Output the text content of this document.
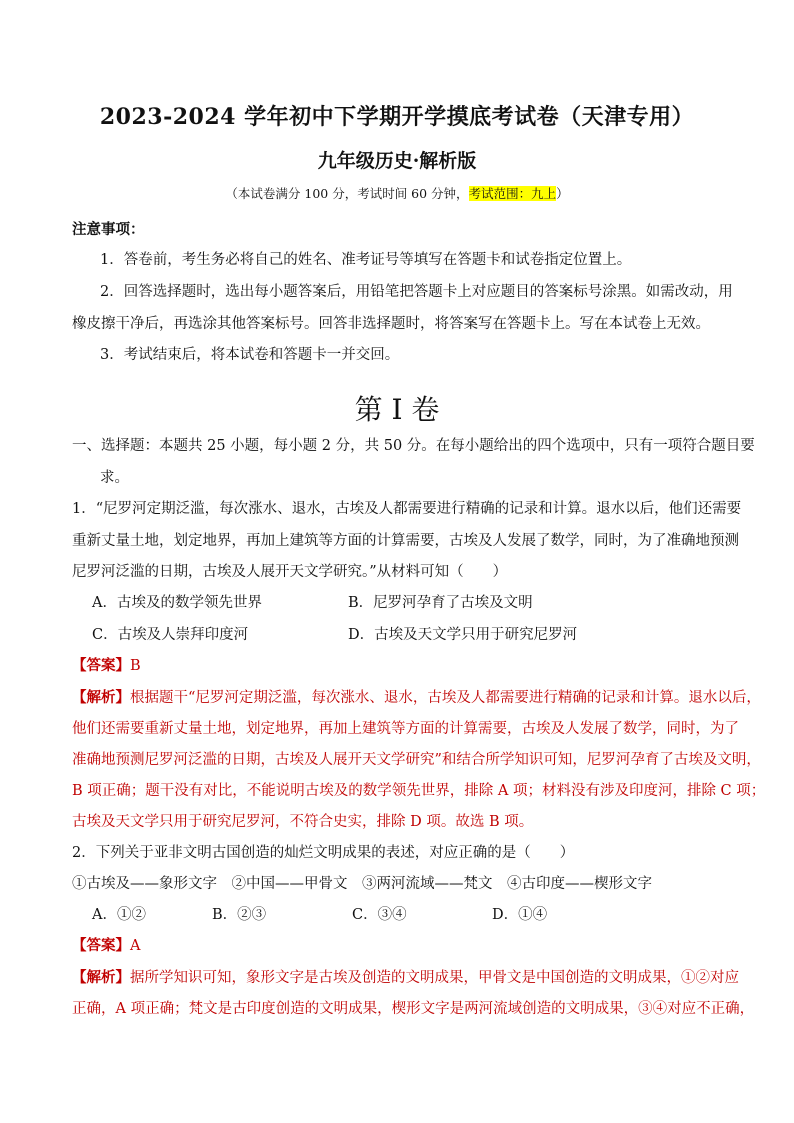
2023-2024 学年初中下学期开学摸底考试卷（天津专用）
九年级历史·解析版
（本试卷满分 100 分，考试时间 60 分钟，考试范围：九上）
注意事项：
1．答卷前，考生务必将自己的姓名、准考证号等填写在答题卡和试卷指定位置上。
2．回答选择题时，选出每小题答案后，用铅笔把答题卡上对应题目的答案标号涂黑。如需改动，用
橡皮擦干净后，再选涂其他答案标号。回答非选择题时，将答案写在答题卡上。写在本试卷上无效。
3．考试结束后，将本试卷和答题卡一并交回。
第 I 卷
一、选择题：本题共 25 小题，每小题 2 分，共 50 分。在每小题给出的四个选项中，只有一项符合题目要
求。
1．“尼罗河定期泛滥，每次涨水、退水，古埃及人都需要进行精确的记录和计算。退水以后，他们还需要
重新丈量土地，划定地界，再加上建筑等方面的计算需要，古埃及人发展了数学，同时，为了准确地预测
尼罗河泛滥的日期，古埃及人展开天文学研究。”从材料可知（　　）
A．古埃及的数学领先世界	B．尼罗河孕育了古埃及文明
C．古埃及人崇拜印度河	D．古埃及天文学只用于研究尼罗河
【答案】B
【解析】根据题干“尼罗河定期泛滥，每次涨水、退水，古埃及人都需要进行精确的记录和计算。退水以后，
他们还需要重新丈量土地，划定地界，再加上建筑等方面的计算需要，古埃及人发展了数学，同时，为了
准确地预测尼罗河泛滥的日期，古埃及人展开天文学研究”和结合所学知识可知，尼罗河孕育了古埃及文明，
B 项正确；题干没有对比，不能说明古埃及的数学领先世界，排除 A 项；材料没有涉及印度河，排除 C 项；
古埃及天文学只用于研究尼罗河，不符合史实，排除 D 项。故选 B 项。
2．下列关于亚非文明古国创造的灿烂文明成果的表述，对应正确的是（　　）
①古埃及——象形文字　②中国——甲骨文　③两河流域——梵文　④古印度——楔形文字
A．①②	B．②③	C．③④	D．①④
【答案】A
【解析】据所学知识可知，象形文字是古埃及创造的文明成果，甲骨文是中国创造的文明成果，①②对应
正确，A 项正确；梵文是古印度创造的文明成果，楔形文字是两河流域创造的文明成果，③④对应不正确，
